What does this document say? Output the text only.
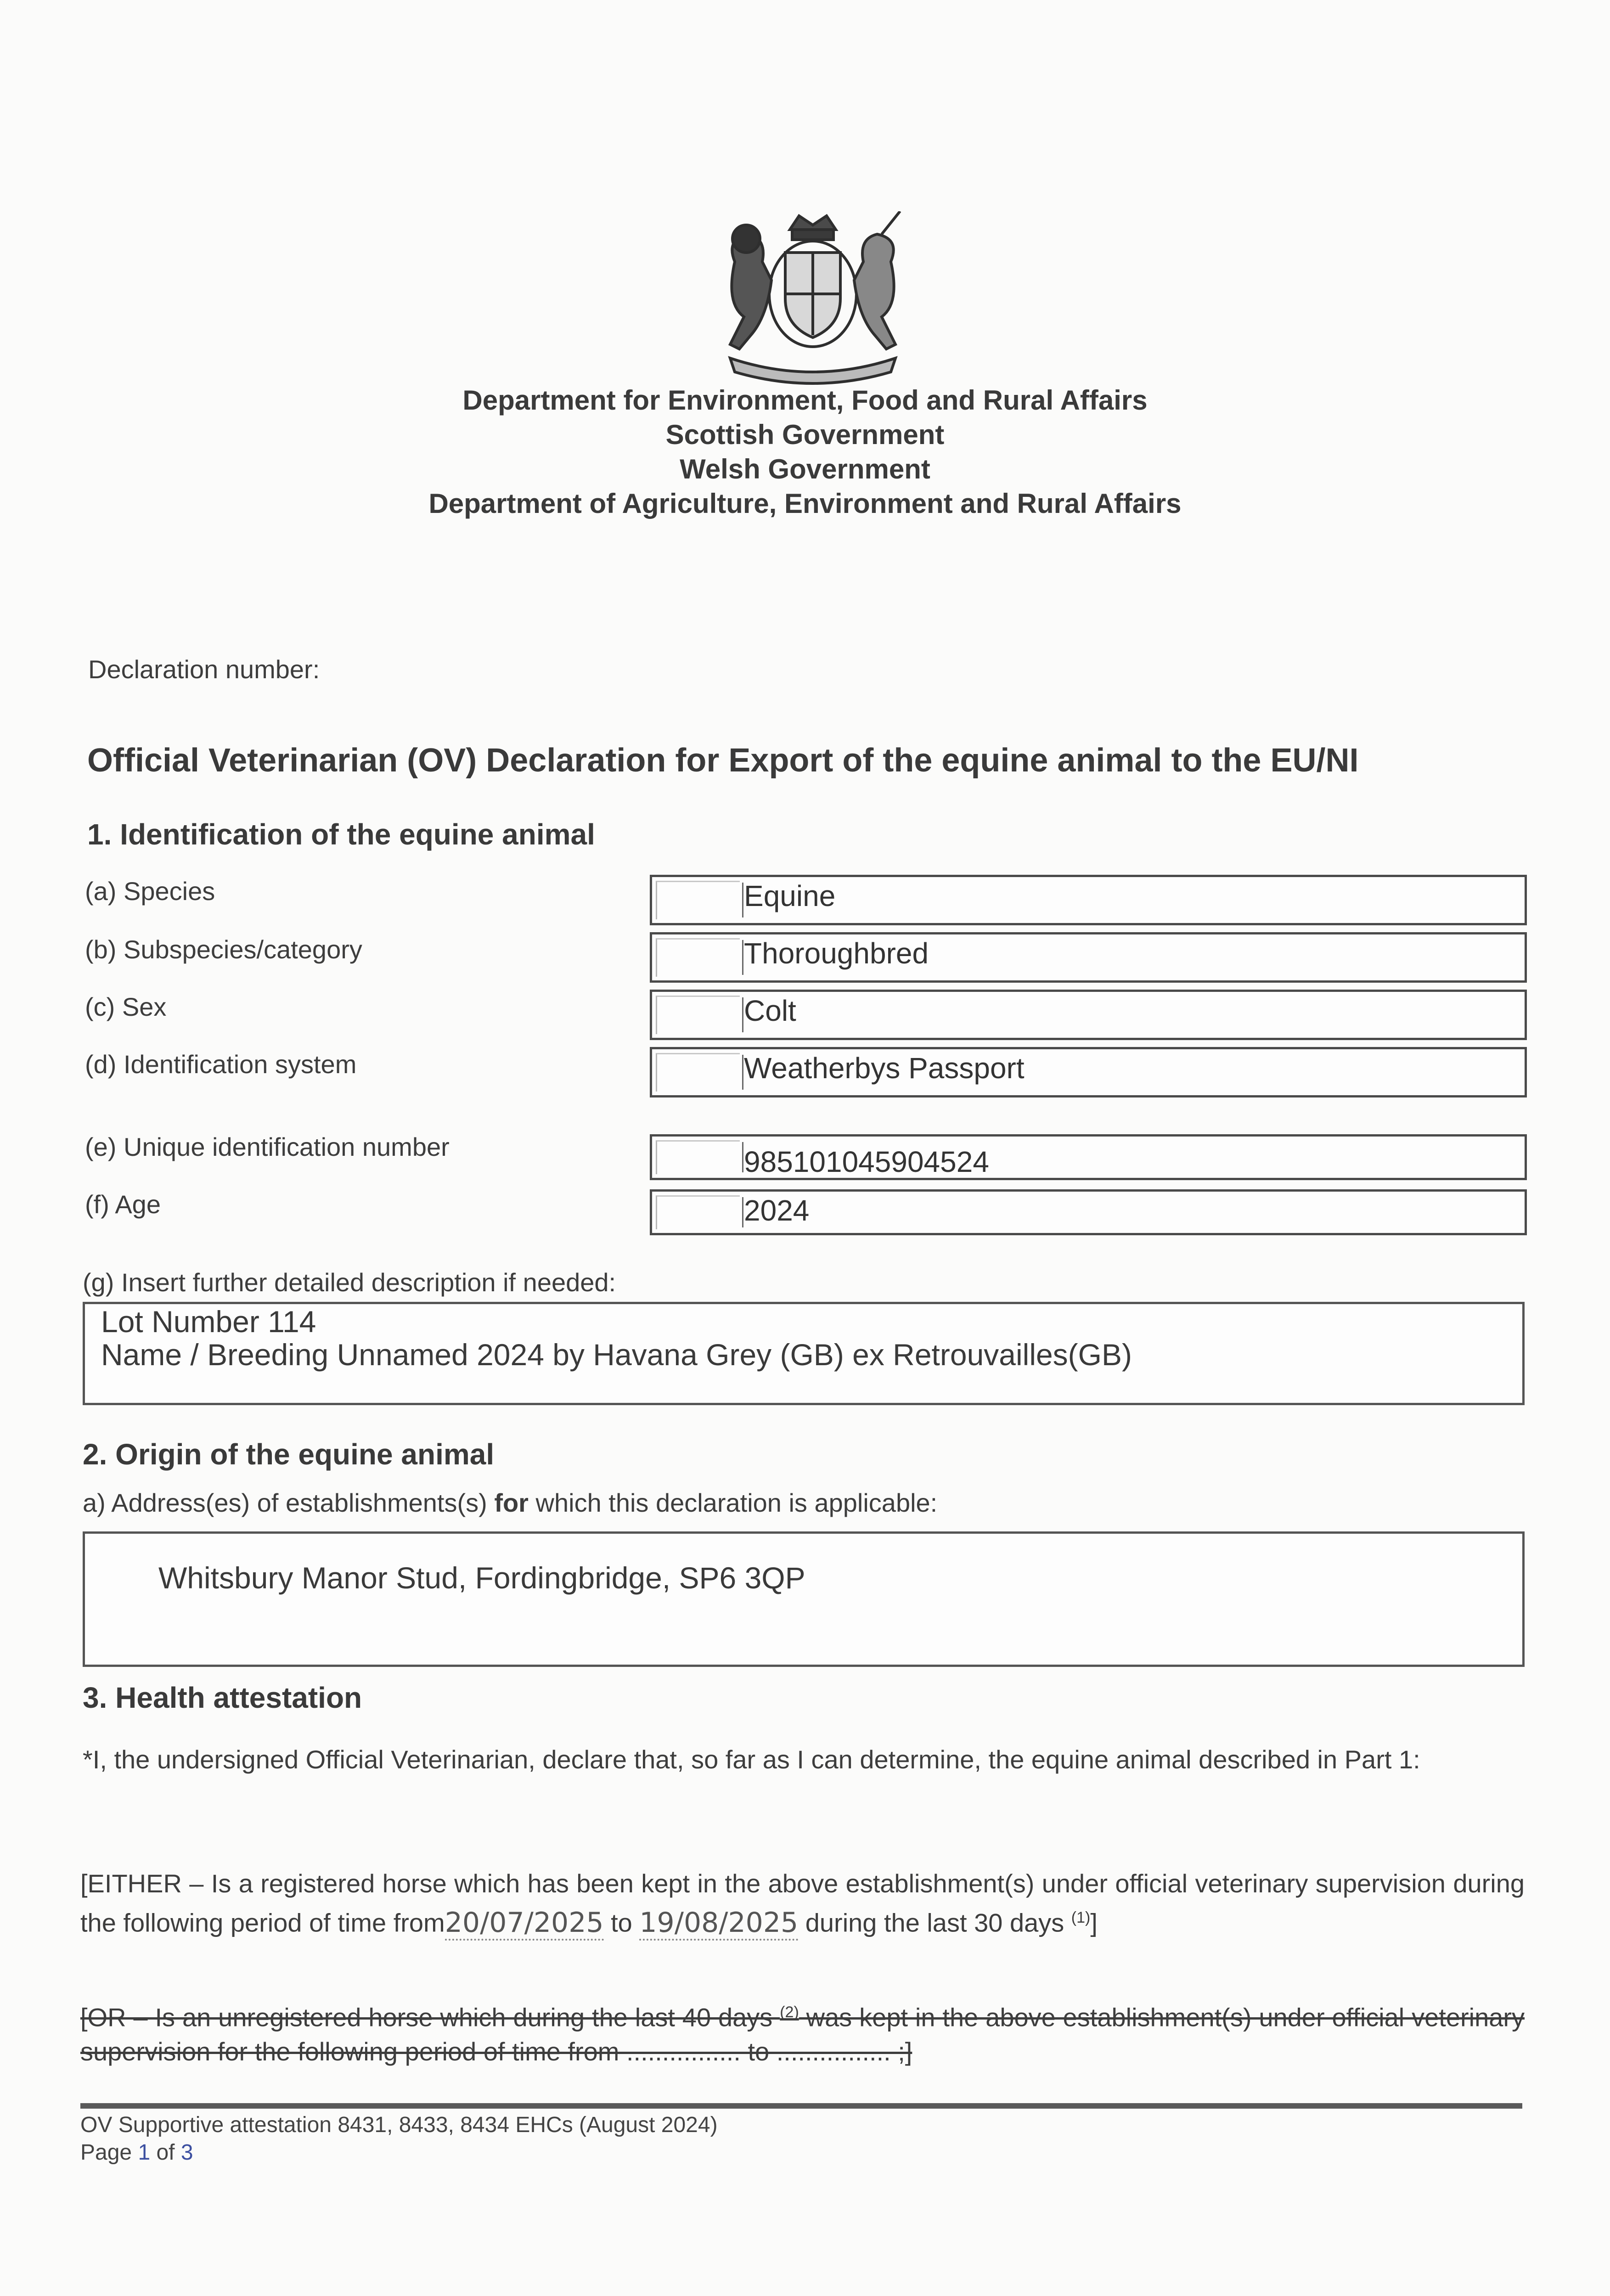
Department for Environment, Food and Rural Affairs
Scottish Government
Welsh Government
Department of Agriculture, Environment and Rural Affairs
Declaration number:
Official Veterinarian (OV) Declaration for Export of the equine animal to the EU/NI
1. Identification of the equine animal
(a) Species	Equine
(b) Subspecies/category	Thoroughbred
(c) Sex	Colt
(d) Identification system	Weatherbys Passport
(e) Unique identification number	985101045904524
(f) Age	2024
(g) Insert further detailed description if needed:
Lot Number 114
Name / Breeding Unnamed 2024 by Havana Grey (GB) ex Retrouvailles(GB)
2. Origin of the equine animal
a) Address(es) of establishments(s) for which this declaration is applicable:
Whitsbury Manor Stud, Fordingbridge, SP6 3QP
3. Health attestation
*I, the undersigned Official Veterinarian, declare that, so far as I can determine, the equine animal described in Part 1:
[EITHER – Is a registered horse which has been kept in the above establishment(s) under official veterinary supervision during the following period of time from20/07/2025 to 19/08/2025 during the last 30 days $^{(1)}$]
[OR – Is an unregistered horse which during the last 40 days $^{(2)}$ was kept in the above establishment(s) under official veterinary supervision for the following period of time from ................ to ................ ;]
OV Supportive attestation 8431, 8433, 8434 EHCs (August 2024)
Page 1 of 3
